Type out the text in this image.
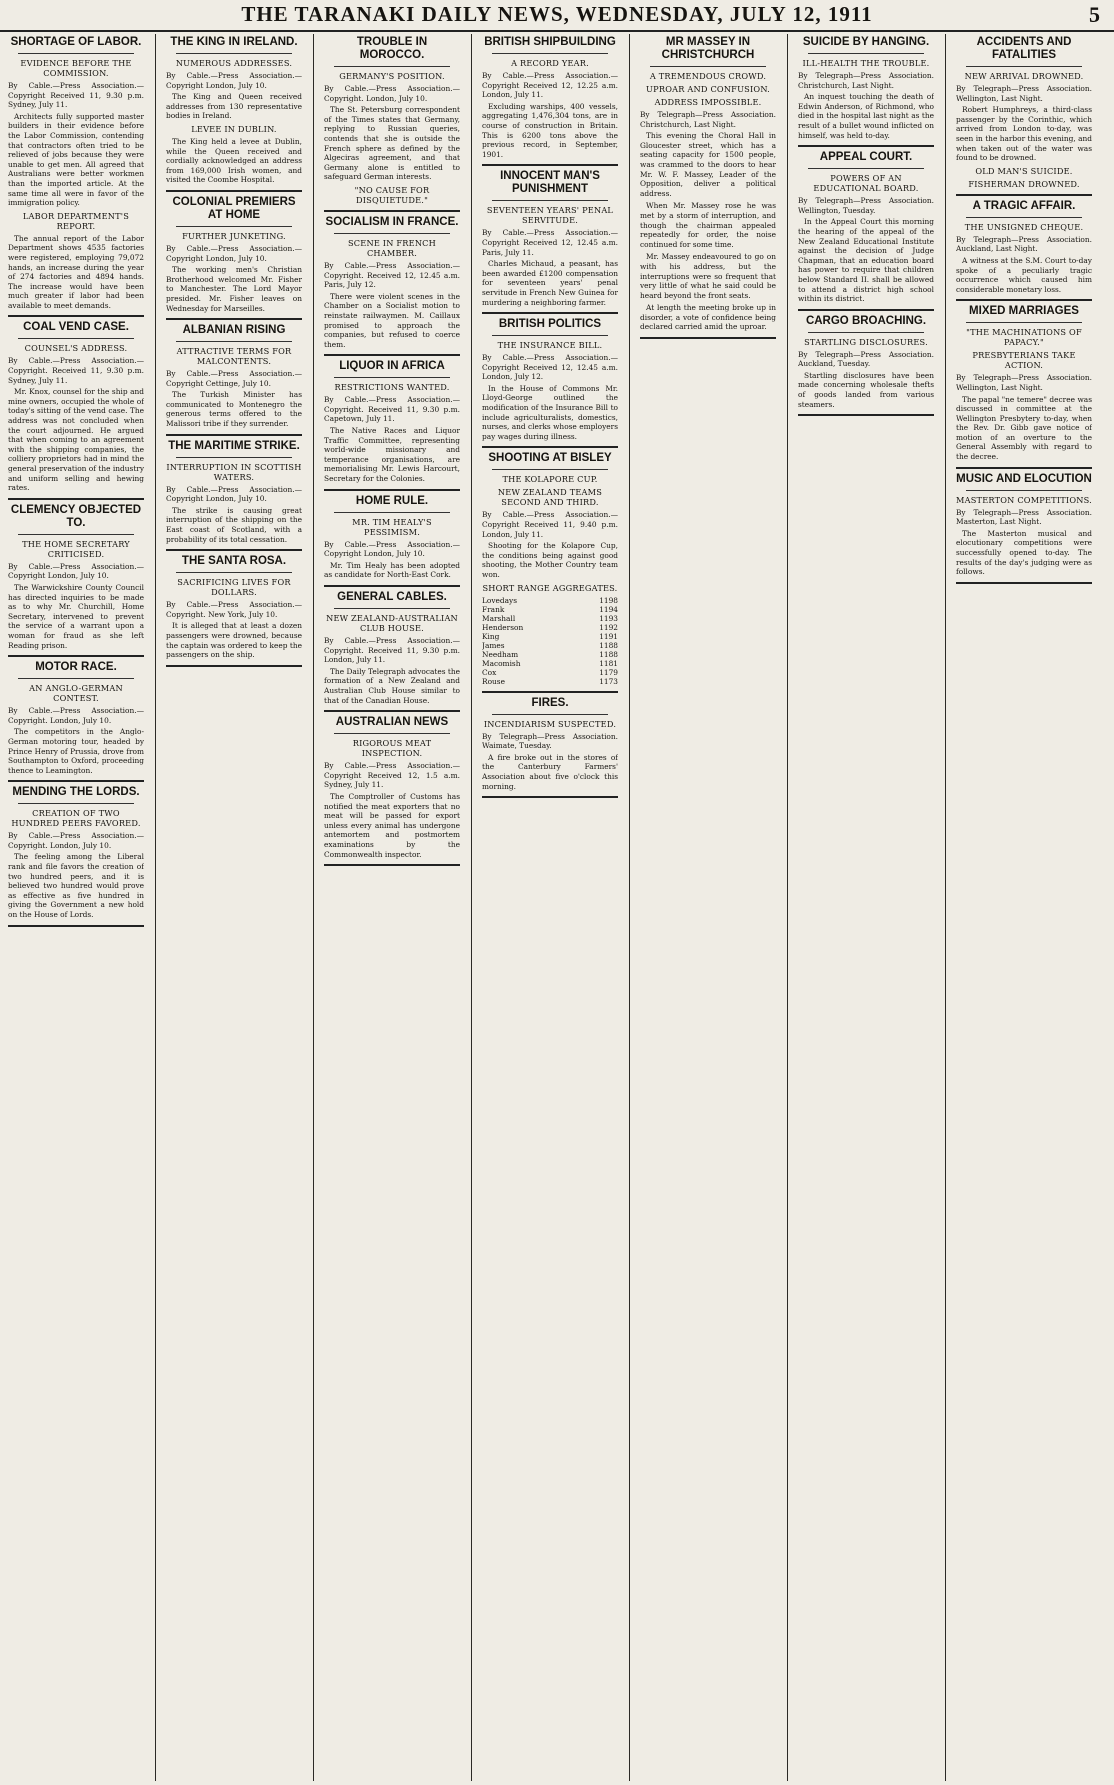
THE TARANAKI DAILY NEWS, WEDNESDAY, JULY 12, 1911	5
SHORTAGE OF LABOR.
EVIDENCE BEFORE THE COMMISSION.
By Cable.—Press Association.—Copyright Received 11, 9.30 p.m. Sydney, July 11.
Architects fully supported master builders in their evidence before the Labor Commission, contending that contractors often tried to be relieved of jobs because they were unable to get men. All agreed that Australians were better workmen than the imported article. At the same time all were in favor of the immigration policy.
LABOR DEPARTMENT'S REPORT.
The annual report of the Labor Department shows 4535 factories were registered, employing 79,072 hands, an increase during the year of 274 factories and 4894 hands. The increase would have been much greater if labor had been available to meet demands.
COAL VEND CASE.
COUNSEL'S ADDRESS.
By Cable.—Press Association.—Copyright. Received 11, 9.30 p.m. Sydney, July 11.
Mr. Knox, counsel for the ship and mine owners, occupied the whole of today's sitting of the vend case. The address was not concluded when the court adjourned. He argued that when coming to an agreement with the shipping companies, the colliery proprietors had in mind the general preservation of the industry and uniform selling and hewing rates.
CLEMENCY OBJECTED TO.
THE HOME SECRETARY CRITICISED.
By Cable.—Press Association.—Copyright London, July 10.
The Warwickshire County Council has directed inquiries to be made as to why Mr. Churchill, Home Secretary, intervened to prevent the service of a warrant upon a woman for fraud as she left Reading prison.
MOTOR RACE.
AN ANGLO-GERMAN CONTEST.
By Cable.—Press Association.—Copyright. London, July 10.
The competitors in the Anglo-German motoring tour, headed by Prince Henry of Prussia, drove from Southampton to Oxford, proceeding thence to Leamington.
MENDING THE LORDS.
CREATION OF TWO HUNDRED PEERS FAVORED.
By Cable.—Press Association.—Copyright. London, July 10.
The feeling among the Liberal rank and file favors the creation of two hundred peers, and it is believed two hundred would prove as effective as five hundred in giving the Government a new hold on the House of Lords.
THE KING IN IRELAND.
NUMEROUS ADDRESSES.
By Cable.—Press Association.—Copyright London, July 10.
The King and Queen received addresses from 130 representative bodies in Ireland.
LEVEE IN DUBLIN.
The King held a levee at Dublin, while the Queen received and cordially acknowledged an address from 169,000 Irish women, and visited the Coombe Hospital.
COLONIAL PREMIERS AT HOME
FURTHER JUNKETING.
By Cable.—Press Association.—Copyright London, July 10.
The working men's Christian Brotherhood welcomed Mr. Fisher to Manchester. The Lord Mayor presided. Mr. Fisher leaves on Wednesday for Marseilles.
ALBANIAN RISING
ATTRACTIVE TERMS FOR MALCONTENTS.
By Cable.—Press Association.—Copyright Cettinge, July 10.
The Turkish Minister has communicated to Montenegro the generous terms offered to the Malissori tribe if they surrender.
THE MARITIME STRIKE.
INTERRUPTION IN SCOTTISH WATERS.
By Cable.—Press Association.—Copyright London, July 10.
The strike is causing great interruption of the shipping on the East coast of Scotland, with a probability of its total cessation.
THE SANTA ROSA.
SACRIFICING LIVES FOR DOLLARS.
By Cable.—Press Association.—Copyright. New York, July 10.
It is alleged that at least a dozen passengers were drowned, because the captain was ordered to keep the passengers on the ship.
TROUBLE IN MOROCCO.
GERMANY'S POSITION.
By Cable.—Press Association.—Copyright. London, July 10.
The St. Petersburg correspondent of the Times states that Germany, replying to Russian queries, contends that she is outside the French sphere as defined by the Algeciras agreement, and that Germany alone is entitled to safeguard German interests.
"NO CAUSE FOR DISQUIETUDE."
SOCIALISM IN FRANCE.
SCENE IN FRENCH CHAMBER.
By Cable.—Press Association.—Copyright. Received 12, 12.45 a.m. Paris, July 12.
There were violent scenes in the Chamber on a Socialist motion to reinstate railwaymen. M. Caillaux promised to approach the companies, but refused to coerce them.
LIQUOR IN AFRICA
RESTRICTIONS WANTED.
By Cable.—Press Association.—Copyright. Received 11, 9.30 p.m. Capetown, July 11.
The Native Races and Liquor Traffic Committee, representing world-wide missionary and temperance organisations, are memorialising Mr. Lewis Harcourt, Secretary for the Colonies.
HOME RULE.
MR. TIM HEALY'S PESSIMISM.
By Cable.—Press Association.—Copyright London, July 10.
Mr. Tim Healy has been adopted as candidate for North-East Cork.
GENERAL CABLES.
NEW ZEALAND-AUSTRALIAN CLUB HOUSE.
By Cable.—Press Association.—Copyright. Received 11, 9.30 p.m. London, July 11.
The Daily Telegraph advocates the formation of a New Zealand and Australian Club House similar to that of the Canadian House.
AUSTRALIAN NEWS
RIGOROUS MEAT INSPECTION.
By Cable.—Press Association.—Copyright Received 12, 1.5 a.m. Sydney, July 11.
The Comptroller of Customs has notified the meat exporters that no meat will be passed for export unless every animal has undergone antemortem and postmortem examinations by the Commonwealth inspector.
BRITISH SHIPBUILDING
A RECORD YEAR.
By Cable.—Press Association.—Copyright Received 12, 12.25 a.m. London, July 11.
Excluding warships, 400 vessels, aggregating 1,476,304 tons, are in course of construction in Britain. This is 6200 tons above the previous record, in September, 1901.
INNOCENT MAN'S PUNISHMENT
SEVENTEEN YEARS' PENAL SERVITUDE.
By Cable.—Press Association.—Copyright Received 12, 12.45 a.m. Paris, July 11.
Charles Michaud, a peasant, has been awarded £1200 compensation for seventeen years' penal servitude in French New Guinea for murdering a neighboring farmer.
BRITISH POLITICS
THE INSURANCE BILL.
By Cable.—Press Association.—Copyright Received 12, 12.45 a.m. London, July 12.
In the House of Commons Mr. Lloyd-George outlined the modification of the Insurance Bill to include agriculturalists, domestics, nurses, and clerks whose employers pay wages during illness.
SHOOTING AT BISLEY
THE KOLAPORE CUP.
NEW ZEALAND TEAMS SECOND AND THIRD.
By Cable.—Press Association.—Copyright Received 11, 9.40 p.m. London, July 11.
Shooting for the Kolapore Cup, the conditions being against good shooting, the Mother Country team won.
SHORT RANGE AGGREGATES.
Lovedays	1198
Frank	1194
Marshall	1193
Henderson	1192
King	1191
James	1188
Needham	1188
Macomish	1181
Cox	1179
Rouse	1173
FIRES.
INCENDIARISM SUSPECTED.
By Telegraph—Press Association. Waimate, Tuesday.
A fire broke out in the stores of the Canterbury Farmers' Association about five o'clock this morning.
MR MASSEY IN CHRISTCHURCH
A TREMENDOUS CROWD.
UPROAR AND CONFUSION.
ADDRESS IMPOSSIBLE.
By Telegraph—Press Association. Christchurch, Last Night.
This evening the Choral Hall in Gloucester street, which has a seating capacity for 1500 people, was crammed to the doors to hear Mr. W. F. Massey, Leader of the Opposition, deliver a political address.
When Mr. Massey rose he was met by a storm of interruption, and though the chairman appealed repeatedly for order, the noise continued for some time.
Mr. Massey endeavoured to go on with his address, but the interruptions were so frequent that very little of what he said could be heard beyond the front seats.
At length the meeting broke up in disorder, a vote of confidence being declared carried amid the uproar.
SUICIDE BY HANGING.
ILL-HEALTH THE TROUBLE.
By Telegraph—Press Association. Christchurch, Last Night.
An inquest touching the death of Edwin Anderson, of Richmond, who died in the hospital last night as the result of a bullet wound inflicted on himself, was held to-day.
APPEAL COURT.
POWERS OF AN EDUCATIONAL BOARD.
By Telegraph—Press Association. Wellington, Tuesday.
In the Appeal Court this morning the hearing of the appeal of the New Zealand Educational Institute against the decision of Judge Chapman, that an education board has power to require that children below Standard II. shall be allowed to attend a district high school within its district.
CARGO BROACHING.
STARTLING DISCLOSURES.
By Telegraph—Press Association. Auckland, Tuesday.
Startling disclosures have been made concerning wholesale thefts of goods landed from various steamers.
ACCIDENTS AND FATALITIES
NEW ARRIVAL DROWNED.
By Telegraph—Press Association. Wellington, Last Night.
Robert Humphreys, a third-class passenger by the Corinthic, which arrived from London to-day, was seen in the harbor this evening, and when taken out of the water was found to be drowned.
OLD MAN'S SUICIDE.
FISHERMAN DROWNED.
A TRAGIC AFFAIR.
THE UNSIGNED CHEQUE.
By Telegraph—Press Association. Auckland, Last Night.
A witness at the S.M. Court to-day spoke of a peculiarly tragic occurrence which caused him considerable monetary loss.
MIXED MARRIAGES
"THE MACHINATIONS OF PAPACY."
PRESBYTERIANS TAKE ACTION.
By Telegraph—Press Association. Wellington, Last Night.
The papal "ne temere" decree was discussed in committee at the Wellington Presbytery to-day, when the Rev. Dr. Gibb gave notice of motion of an overture to the General Assembly with regard to the decree.
MUSIC AND ELOCUTION
MASTERTON COMPETITIONS.
By Telegraph—Press Association. Masterton, Last Night.
The Masterton musical and elocutionary competitions were successfully opened to-day. The results of the day's judging were as follows.
